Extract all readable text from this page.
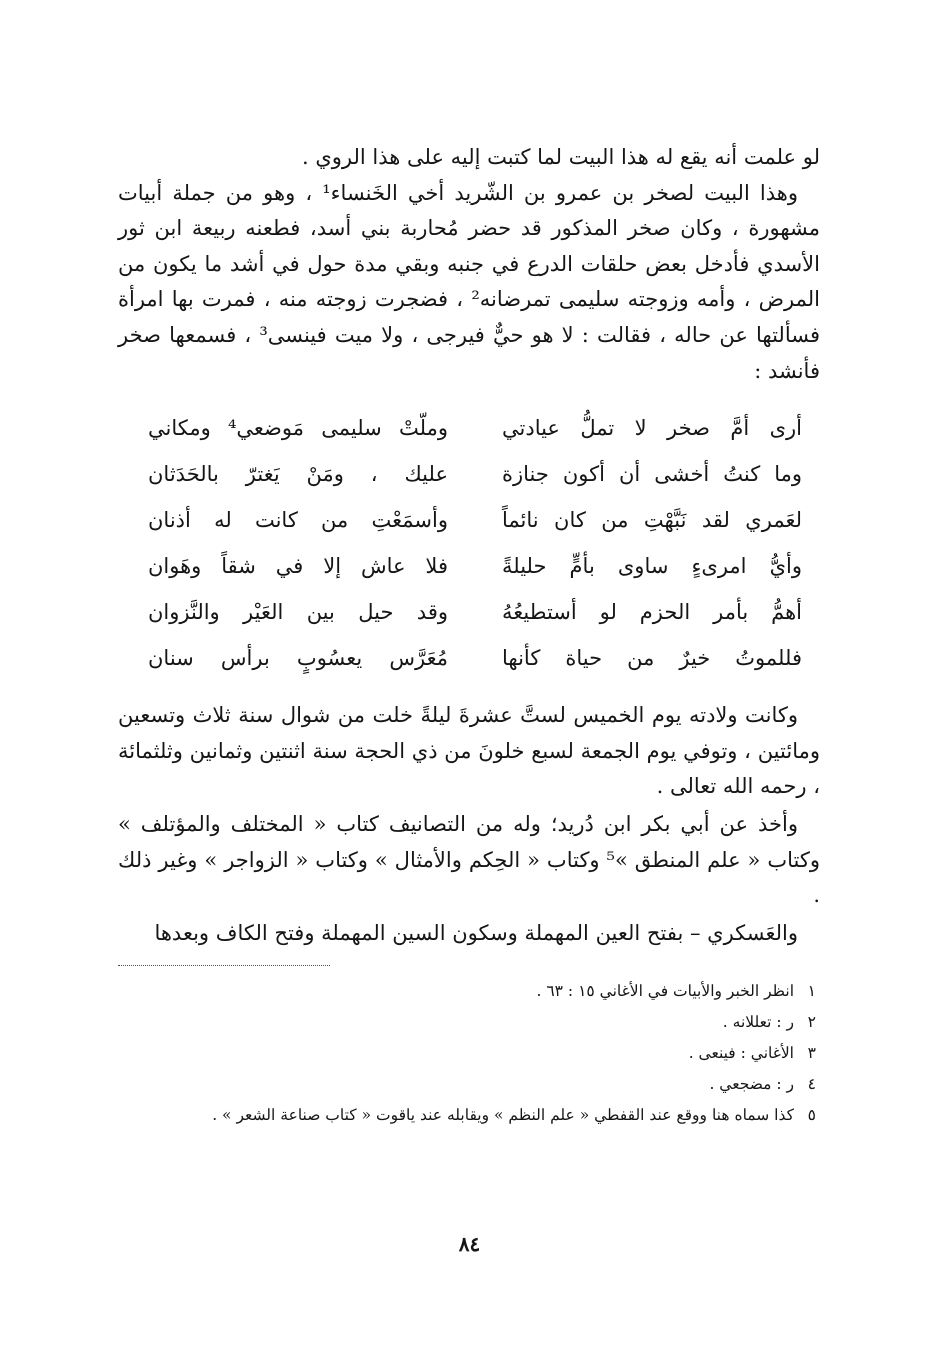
لو علمت أنه يقع له هذا البيت لما كتبت إليه على هذا الروي .

وهذا البيت لصخر بن عمرو بن الشّريد أخي الخَنساء¹ ، وهو من جملة أبيات مشهورة ، وكان صخر المذكور قد حضر مُحاربة بني أسد، فطعنه ربيعة ابن ثور الأسدي فأدخل بعض حلقات الدرع في جنبه وبقي مدة حول في أشد ما يكون من المرض ، وأمه وزوجته سليمى تمرضانه² ، فضجرت زوجته منه ، فمرت بها امرأة فسألتها عن حاله ، فقالت : لا هو حيٌّ فيرجى ، ولا ميت فينسى³ ، فسمعها صخر فأنشد :

أرى أمَّ صخر لا تملُّ عيادتي
وملّتْ سليمى مَوضعي⁴ ومكاني
وما كنتُ أخشى أن أكون جنازة
عليك ، ومَنْ يَغترّ بالحَدَثان
لعَمري لقد نَبَّهْتِ من كان نائماً
وأسمَعْتِ من كانت له أذنان
وأيُّ امرىءٍ ساوى بأمٍّ حليلةً
فلا عاش إلا في شقاً وهَوان
أهمُّ بأمر الحزم لو أستطيعُهُ
وقد حيل بين العَيْر والنَّزوان
فللموتُ خيرٌ من حياة كأنها
مُعَرَّس يعسُوبٍ برأس سنان

وكانت ولادته يوم الخميس لستَّ عشرةَ ليلةً خلت من شوال سنة ثلاث وتسعين ومائتين ، وتوفي يوم الجمعة لسبع خلونَ من ذي الحجة سنة اثنتين وثمانين وثلثمائة ، رحمه الله تعالى .

وأخذ عن أبي بكر ابن دُريد؛ وله من التصانيف كتاب « المختلف والمؤتلف » وكتاب « علم المنطق »⁵ وكتاب « الحِكم والأمثال » وكتاب « الزواجر » وغير ذلك .

والعَسكري – بفتح العين المهملة وسكون السين المهملة وفتح الكاف وبعدها

١
انظر الخبر والأبيات في الأغاني ١٥ : ٦٣ .
٢
ر : تعللانه .
٣
الأغاني : فينعى .
٤
ر : مضجعي .
٥
كذا سماه هنا ووقع عند القفطي « علم النظم » ويقابله عند ياقوت « كتاب صناعة الشعر » .
٨٤
